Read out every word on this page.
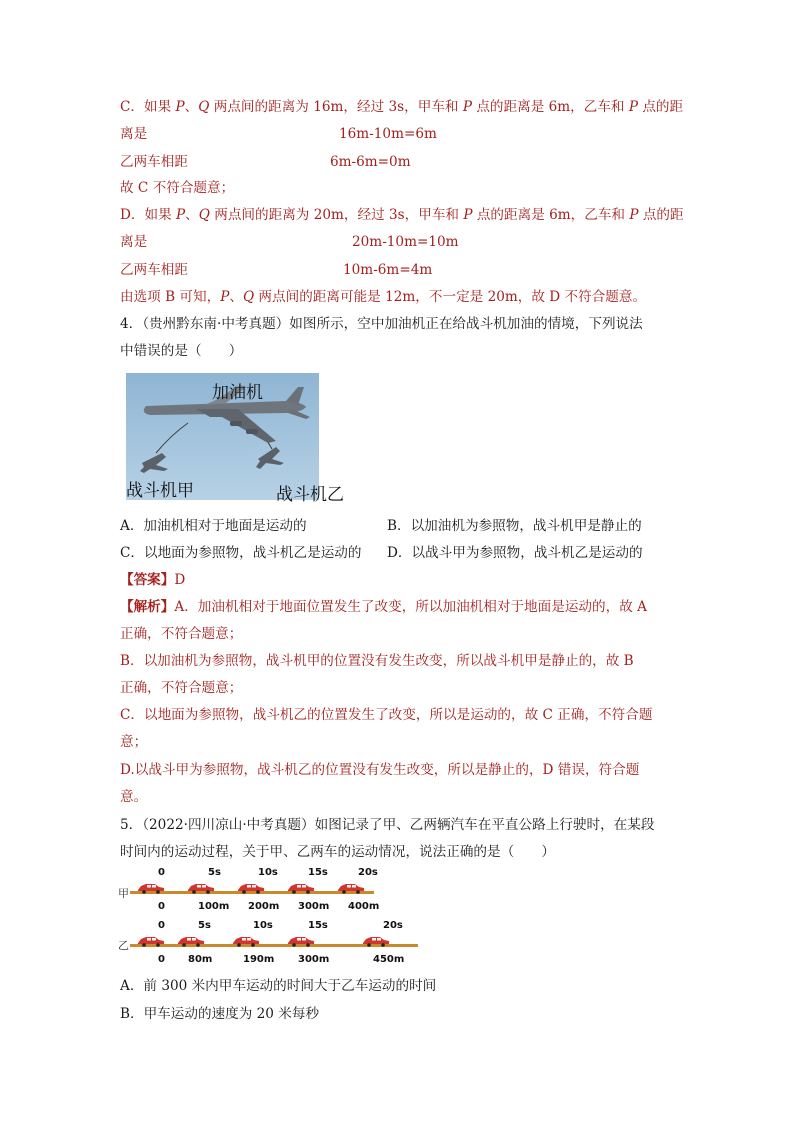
C．如果 P、Q 两点间的距离为 16m，经过 3s，甲车和 P 点的距离是 6m，乙车和 P 点的距
离是	16m-10m=6m
乙两车相距	6m-6m=0m
故 C 不符合题意；
D．如果 P、Q 两点间的距离为 20m，经过 3s，甲车和 P 点的距离是 6m，乙车和 P 点的距
离是	20m-10m=10m
乙两车相距	10m-6m=4m
由选项 B 可知，P、Q 两点间的距离可能是 12m，不一定是 20m，故 D 不符合题意。
4．（贵州黔东南·中考真题）如图所示，空中加油机正在给战斗机加油的情境，下列说法
中错误的是（　　）
加油机
战斗机甲	战斗机乙
A．加油机相对于地面是运动的	B．以加油机为参照物，战斗机甲是静止的
C．以地面为参照物，战斗机乙是运动的 D．以战斗甲为参照物，战斗机乙是运动的
【答案】D
【解析】A．加油机相对于地面位置发生了改变，所以加油机相对于地面是运动的，故 A
正确，不符合题意；
B．以加油机为参照物，战斗机甲的位置没有发生改变，所以战斗机甲是静止的，故 B
正确，不符合题意；
C．以地面为参照物，战斗机乙的位置发生了改变，所以是运动的，故 C 正确，不符合题
意；
D.以战斗甲为参照物，战斗机乙的位置没有发生改变，所以是静止的，D 错误，符合题
意。
5．（2022·四川凉山·中考真题）如图记录了甲、乙两辆汽车在平直公路上行驶时，在某段
时间内的运动过程，关于甲、乙两车的运动情况，说法正确的是（　　）
甲
乙
0
0
5s
100m
10s
200m
15s
300m
20s
400m
0
0
5s
80m
10s
190m
15s
300m
20s
450m
A．前 300 米内甲车运动的时间大于乙车运动的时间
B．甲车运动的速度为 20 米每秒
